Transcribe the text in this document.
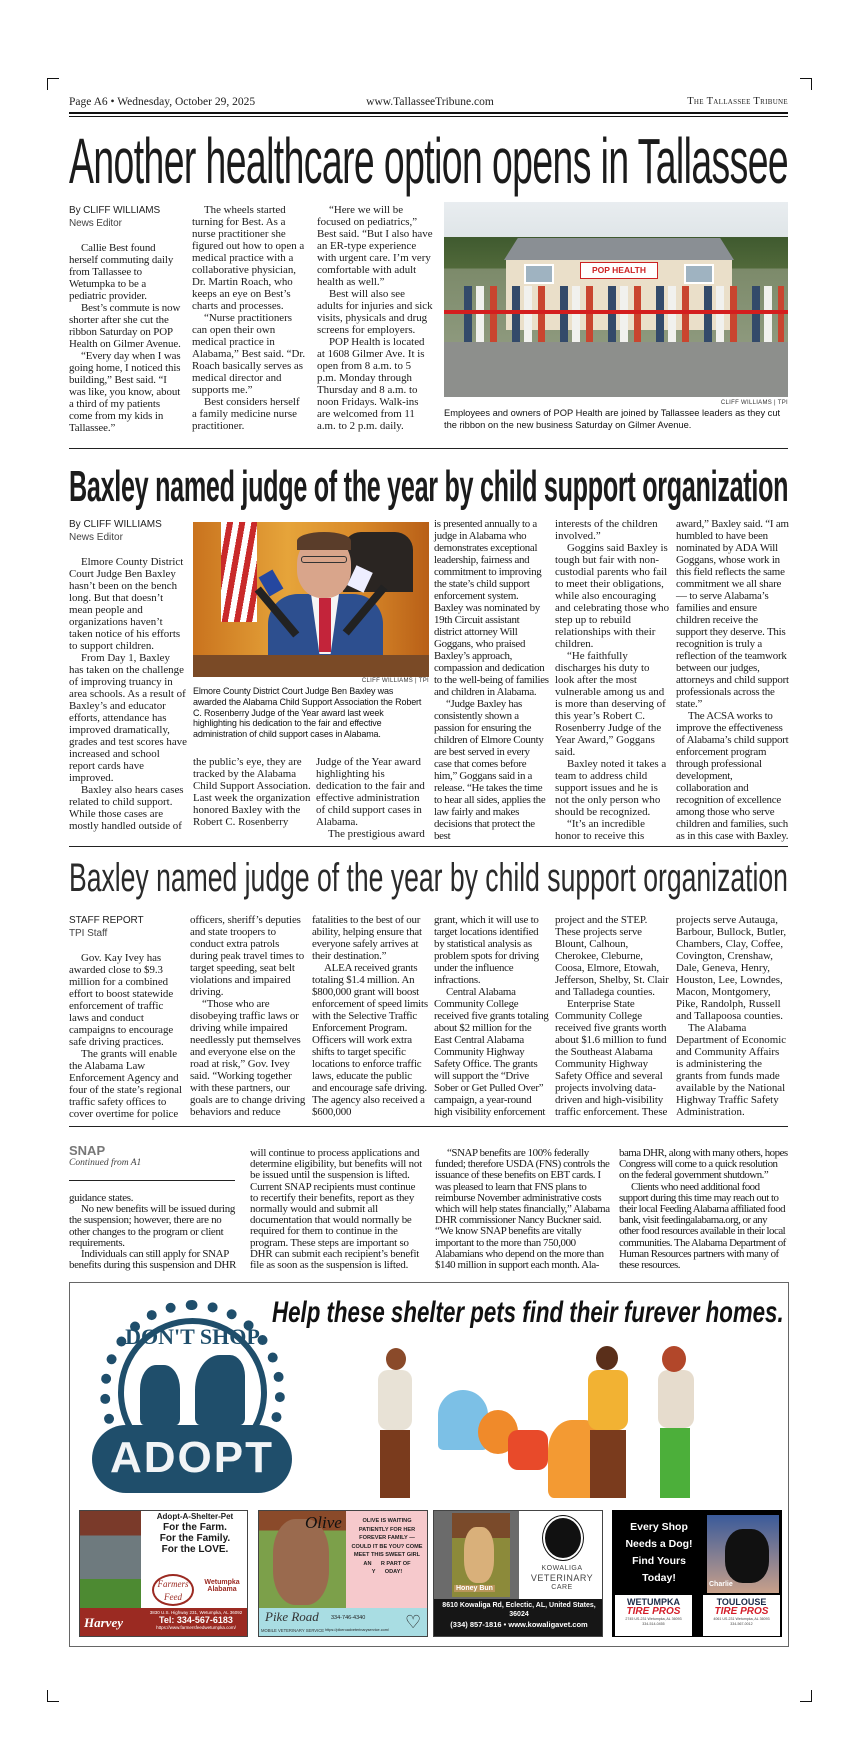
Page A6 • Wednesday, October 29, 2025	www.TallasseeTribune.com	The Tallassee Tribune
Another healthcare option opens in Tallassee
By CLIFF WILLIAMS
News Editor

Callie Best found herself commuting daily from Tallassee to Wetumpka to be a pediatric provider.

Best’s commute is now shorter after she cut the ribbon Saturday on POP Health on Gilmer Avenue.

“Every day when I was going home, I noticed this building,” Best said. “I was like, you know, about a third of my patients come from my kids in Tallassee.”

The wheels started turning for Best. As a nurse practitioner she figured out how to open a medical practice with a collaborative physician, Dr. Martin Roach, who keeps an eye on Best’s charts and processes.

“Nurse practitioners can open their own medical practice in Alabama,” Best said. “Dr. Roach basically serves as medical director and supports me.”

Best considers herself a family medicine nurse practitioner.

“Here we will be focused on pediatrics,” Best said. “But I also have an ER-type experience with urgent care. I’m very comfortable with adult health as well.”

Best will also see adults for injuries and sick visits, physicals and drug screens for employers.

POP Health is located at 1608 Gilmer Ave. It is open from 8 a.m. to 5 p.m. Monday through Thursday and 8 a.m. to noon Fridays. Walk-ins are welcomed from 11 a.m. to 2 p.m. daily.

POP HEALTH
CLIFF WILLIAMS | TPI
Employees and owners of POP Health are joined by Tallassee leaders as they cut the ribbon on the new business Saturday on Gilmer Avenue.
Baxley named judge of the year by child support organization
By CLIFF WILLIAMS
News Editor

Elmore County District Court Judge Ben Baxley hasn’t been on the bench long. But that doesn’t mean people and organizations haven’t taken notice of his efforts to support children.

From Day 1, Baxley has taken on the challenge of improving truancy in area schools. As a result of Baxley’s and educator efforts, attendance has improved dramatically, grades and test scores have increased and school report cards have improved.

Baxley also hears cases related to child support. While those cases are mostly handled outside of

CLIFF WILLIAMS | TPI
Elmore County District Court Judge Ben Baxley was awarded the Alabama Child Support Association the Robert C. Rosenberry Judge of the Year award last week highlighting his dedication to the fair and effective administration of child support cases in Alabama.

the public’s eye, they are tracked by the Alabama Child Support Association. Last week the organization honored Baxley with the Robert C. Rosenberry

Judge of the Year award highlighting his dedication to the fair and effective administration of child support cases in Alabama.

The prestigious award

is presented annually to a judge in Alabama who demonstrates exceptional leadership, fairness and commitment to improving the state’s child support enforcement system. Baxley was nominated by 19th Circuit assistant district attorney Will Goggans, who praised Baxley’s approach, compassion and dedication to the well-being of families and children in Alabama.

“Judge Baxley has consistently shown a passion for ensuring the children of Elmore County are best served in every case that comes before him,” Goggans said in a release. “He takes the time to hear all sides, applies the law fairly and makes decisions that protect the best

interests of the children involved.”

Goggins said Baxley is tough but fair with non-custodial parents who fail to meet their obligations, while also encouraging and celebrating those who step up to rebuild relationships with their children.

“He faithfully discharges his duty to look after the most vulnerable among us and is more than deserving of this year’s Robert C. Rosenberry Judge of the Year Award,” Goggans said.

Baxley noted it takes a team to address child support issues and he is not the only person who should be recognized.

“It’s an incredible honor to receive this

award,” Baxley said. “I am humbled to have been nominated by ADA Will Goggans, whose work in this field reflects the same commitment we all share — to serve Alabama’s families and ensure children receive the support they deserve. This recognition is truly a reflection of the teamwork between our judges, attorneys and child support professionals across the state.”

The ACSA works to improve the effectiveness of Alabama’s child support enforcement program through professional development, collaboration and recognition of excellence among those who serve children and families, such as in this case with Baxley.

Baxley named judge of the year by child support organization
STAFF REPORT
TPI Staff

Gov. Kay Ivey has awarded close to $9.3 million for a combined effort to boost statewide enforcement of traffic laws and conduct campaigns to encourage safe driving practices.

The grants will enable the Alabama Law Enforcement Agency and four of the state’s regional traffic safety offices to cover overtime for police

officers, sheriff’s deputies and state troopers to conduct extra patrols during peak travel times to target speeding, seat belt violations and impaired driving.

“Those who are disobeying traffic laws or driving while impaired needlessly put themselves and everyone else on the road at risk,” Gov. Ivey said. “Working together with these partners, our goals are to change driving behaviors and reduce

fatalities to the best of our ability, helping ensure that everyone safely arrives at their destination.”

ALEA received grants totaling $1.4 million. An $800,000 grant will boost enforcement of speed limits with the Selective Traffic Enforcement Program. Officers will work extra shifts to target specific locations to enforce traffic laws, educate the public and encourage safe driving. The agency also received a $600,000

grant, which it will use to target locations identified by statistical analysis as problem spots for driving under the influence infractions.

Central Alabama Community College received five grants totaling about $2 million for the East Central Alabama Community Highway Safety Office. The grants will support the “Drive Sober or Get Pulled Over” campaign, a year-round high visibility enforcement

project and the STEP. These projects serve Blount, Calhoun, Cherokee, Cleburne, Coosa, Elmore, Etowah, Jefferson, Shelby, St. Clair and Talladega counties.

Enterprise State Community College received five grants worth about $1.6 million to fund the Southeast Alabama Community Highway Safety Office and several projects involving data-driven and high-visibility traffic enforcement. These

projects serve Autauga, Barbour, Bullock, Butler, Chambers, Clay, Coffee, Covington, Crenshaw, Dale, Geneva, Henry, Houston, Lee, Lowndes, Macon, Montgomery, Pike, Randolph, Russell and Tallapoosa counties.

The Alabama Department of Economic and Community Affairs is administering the grants from funds made available by the National Highway Traffic Safety Administration.

SNAP
Continued from A1

guidance states.

No new benefits will be issued during the suspension; however, there are no other changes to the program or client requirements.

Individuals can still apply for SNAP benefits during this suspension and DHR

will continue to process applications and determine eligibility, but benefits will not be issued until the suspension is lifted. Current SNAP recipients must continue to recertify their benefits, report as they normally would and submit all documentation that would normally be required for them to continue in the program. These steps are important so DHR can submit each recipient’s benefit file as soon as the suspension is lifted.

“SNAP benefits are 100% federally funded; therefore USDA (FNS) controls the issuance of these benefits on EBT cards. I was pleased to learn that FNS plans to reimburse November administrative costs which will help states financially,” Alabama DHR commissioner Nancy Buckner said. “We know SNAP benefits are vitally important to the more than 750,000 Alabamians who depend on the more than $140 million in support each month. Ala-

bama DHR, along with many others, hopes Congress will come to a quick resolution on the federal government shutdown.”

Clients who need additional food support during this time may reach out to their local Feeding Alabama affiliated food bank, visit feedingalabama.org, or any other food resources available in their local communities. The Alabama Department of Human Resources partners with many of these resources.

Help these shelter pets find their furever homes.
DON'T SHOP
ADOPT
Adopt-A-Shelter-Pet
For the Farm.
For the Family.
For the LOVE.
Farmers Feed
Wetumpka Alabama
Harvey
3830 U.S. Highway 231, Wetumpka, AL 36092
Tel: 334-567-6183
https://www.farmersfeedwetumpka.com/
Olive	OLIVE IS WAITING
PATIENTLY FOR HER
FOREVER FAMILY —
COULD IT BE YOU? COME
MEET THIS SWEET GIRL
AN      R PART OF
Y      ODAY!
Pike Road
MOBILE VETERINARY SERVICE
334-746-4340
https://pikeroadveterinaryservice.com/ ♡
Honey Bun
KOWALIGA
VETERINARY
CARE
8610 Kowaliga Rd, Eclectic, AL, United States, 36024
(334) 857-1816 • www.kowaligavet.com
Every Shop Needs a Dog! Find Yours Today!
Charlie
WETUMPKA
TIRE PROS
2745 US-231 Wetumpka, AL 36093
334-514-0455
TOULOUSE
TIRE PROS
4061 US-231 Wetumpka, AL 36093
334-567-0012
